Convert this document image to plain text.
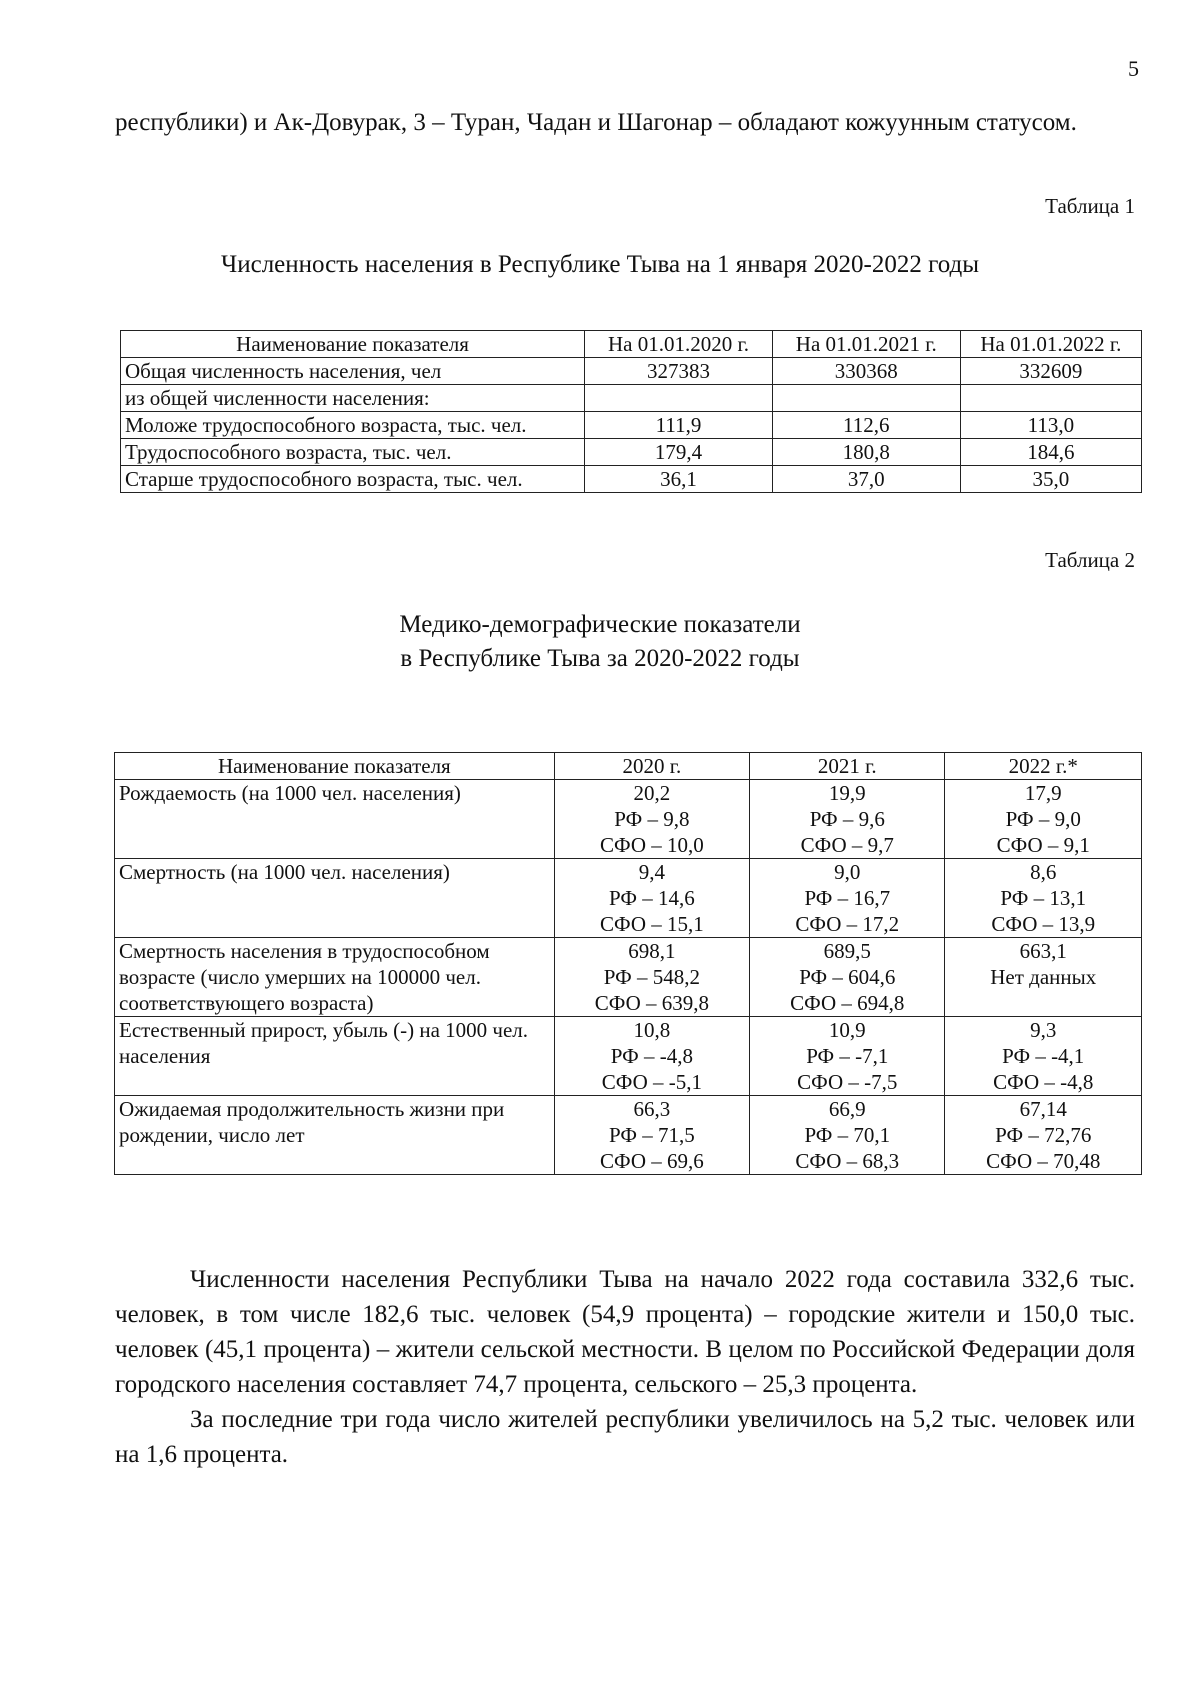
5

республики) и Ак-Довурак, 3 – Туран, Чадан и Шагонар – обладают кожуунным статусом.

Таблица 1
Численность населения в Республике Тыва на 1 января 2020-2022 годы
Наименование показателя	На 01.01.2020 г.	На 01.01.2021 г.	На 01.01.2022 г.
Общая численность населения, чел	327383	330368	332609
из общей численности населения:			
Моложе трудоспособного возраста, тыс. чел.	111,9	112,6	113,0
Трудоспособного возраста, тыс. чел.	179,4	180,8	184,6
Старше трудоспособного возраста, тыс. чел.	36,1	37,0	35,0
Таблица 2
Медико-демографические показатели
в Республике Тыва за 2020-2022 годы
Наименование показателя	2020 г.	2021 г.	2022 г.*
Рождаемость (на 1000 чел. населения)	20,2
РФ – 9,8
СФО – 10,0	19,9
РФ – 9,6
СФО – 9,7	17,9
РФ – 9,0
СФО – 9,1

Смертность (на 1000 чел. населения)	9,4
РФ – 14,6
СФО – 15,1	9,0
РФ – 16,7
СФО – 17,2	8,6
РФ – 13,1
СФО – 13,9

Смертность населения в трудоспособном возрасте (число умерших на 100000 чел. соответствующего возраста)	698,1
РФ – 548,2
СФО – 639,8	689,5
РФ – 604,6
СФО – 694,8	663,1
Нет данных

Естественный прирост, убыль (-) на 1000 чел. населения	10,8
РФ – -4,8
СФО – -5,1	10,9
РФ – -7,1
СФО – -7,5	9,3
РФ – -4,1
СФО – -4,8

Ожидаемая продолжительность жизни при рождении, число лет	66,3
РФ – 71,5
СФО – 69,6	66,9
РФ – 70,1
СФО – 68,3	67,14
РФ – 72,76
СФО – 70,48

Численности населения Республики Тыва на начало 2022 года составила 332,6 тыс. человек, в том числе 182,6 тыс. человек (54,9 процента) – городские жители и 150,0 тыс. человек (45,1 процента) – жители сельской местности. В целом по Российской Федерации доля городского населения составляет 74,7 процента, сельского – 25,3 процента.

За последние три года число жителей республики увеличилось на 5,2 тыс. человек или на 1,6 процента.
